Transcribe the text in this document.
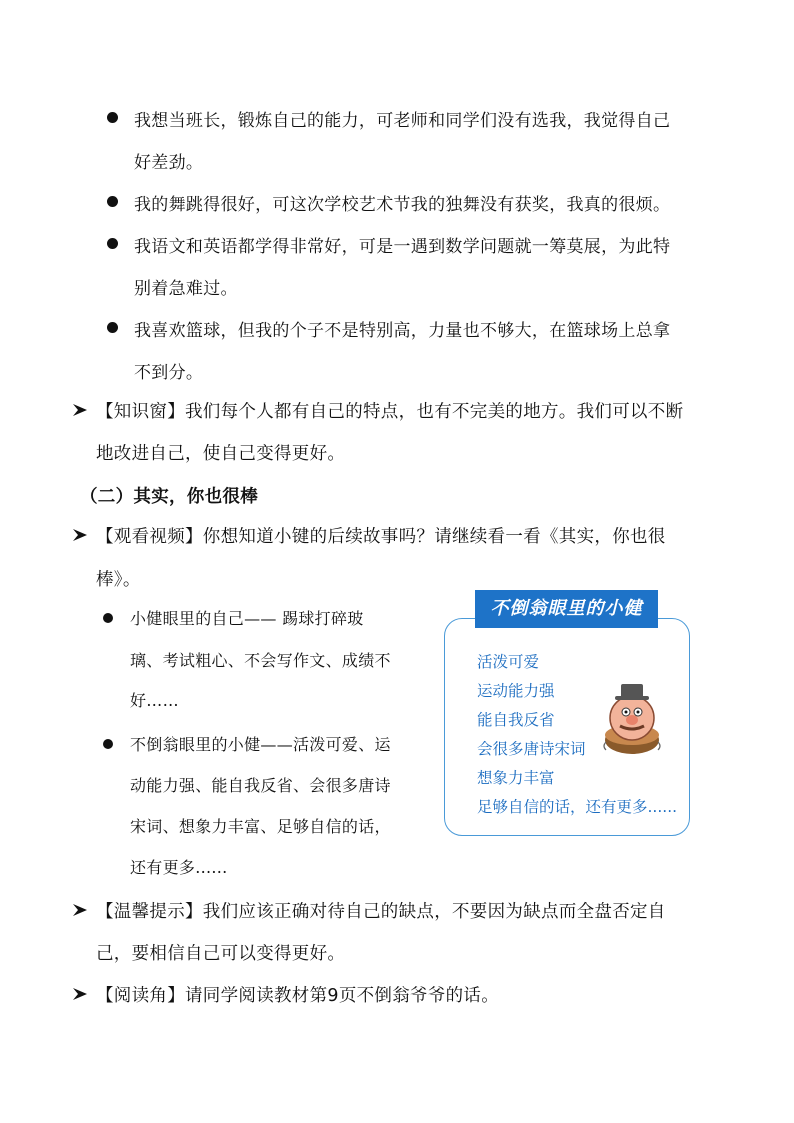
我想当班长，锻炼自己的能力，可老师和同学们没有选我，我觉得自己
好差劲。
我的舞跳得很好，可这次学校艺术节我的独舞没有获奖，我真的很烦。
我语文和英语都学得非常好，可是一遇到数学问题就一筹莫展，为此特
别着急难过。
我喜欢篮球，但我的个子不是特别高，力量也不够大，在篮球场上总拿
不到分。
【知识窗】我们每个人都有自己的特点，也有不完美的地方。我们可以不断
地改进自己，使自己变得更好。
（二）其实，你也很棒
【观看视频】你想知道小键的后续故事吗？请继续看一看《其实，你也很
棒》。
小健眼里的自己—— 踢球打碎玻
璃、考试粗心、不会写作文、成绩不
好……
不倒翁眼里的小健——活泼可爱、运
动能力强、能自我反省、会很多唐诗
宋词、想象力丰富、足够自信的话，
还有更多......
不倒翁眼里的小健
活泼可爱
运动能力强
能自我反省
会很多唐诗宋词
想象力丰富
足够自信的话，还有更多......
【温馨提示】我们应该正确对待自己的缺点，不要因为缺点而全盘否定自
己，要相信自己可以变得更好。
【阅读角】请同学阅读教材第9页不倒翁爷爷的话。
